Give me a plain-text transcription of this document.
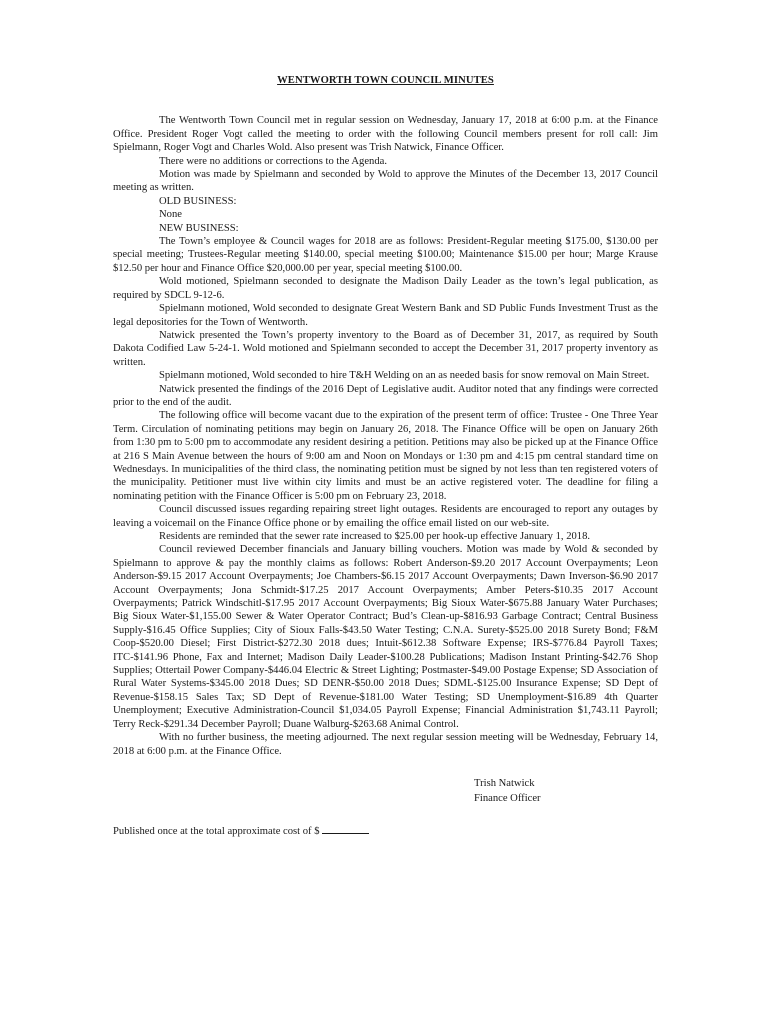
WENTWORTH TOWN COUNCIL MINUTES

The Wentworth Town Council met in regular session on Wednesday, January 17, 2018 at 6:00 p.m. at the Finance Office. President Roger Vogt called the meeting to order with the following Council members present for roll call: Jim Spielmann, Roger Vogt and Charles Wold. Also present was Trish Natwick, Finance Officer.

There were no additions or corrections to the Agenda.

Motion was made by Spielmann and seconded by Wold to approve the Minutes of the December 13, 2017 Council meeting as written.

OLD BUSINESS:

None

NEW BUSINESS:

The Town’s employee & Council wages for 2018 are as follows: President-Regular meeting $175.00, $130.00 per special meeting; Trustees-Regular meeting $140.00, special meeting $100.00; Maintenance $15.00 per hour; Marge Krause $12.50 per hour and Finance Office $20,000.00 per year, special meeting $100.00.

Wold motioned, Spielmann seconded to designate the Madison Daily Leader as the town’s legal publication, as required by SDCL 9-12-6.

Spielmann motioned, Wold seconded to designate Great Western Bank and SD Public Funds Investment Trust as the legal depositories for the Town of Wentworth.

Natwick presented the Town’s property inventory to the Board as of December 31, 2017, as required by South Dakota Codified Law 5-24-1. Wold motioned and Spielmann seconded to accept the December 31, 2017 property inventory as written.

Spielmann motioned, Wold seconded to hire T&H Welding on an as needed basis for snow removal on Main Street.

Natwick presented the findings of the 2016 Dept of Legislative audit. Auditor noted that any findings were corrected prior to the end of the audit.

The following office will become vacant due to the expiration of the present term of office: Trustee - One Three Year Term. Circulation of nominating petitions may begin on January 26, 2018. The Finance Office will be open on January 26th from 1:30 pm to 5:00 pm to accommodate any resident desiring a petition. Petitions may also be picked up at the Finance Office at 216 S Main Avenue between the hours of 9:00 am and Noon on Mondays or 1:30 pm and 4:15 pm central standard time on Wednesdays. In municipalities of the third class, the nominating petition must be signed by not less than ten registered voters of the municipality. Petitioner must live within city limits and must be an active registered voter. The deadline for filing a nominating petition with the Finance Officer is 5:00 pm on February 23, 2018.

Council discussed issues regarding repairing street light outages. Residents are encouraged to report any outages by leaving a voicemail on the Finance Office phone or by emailing the office email listed on our web-site.

Residents are reminded that the sewer rate increased to $25.00 per hook-up effective January 1, 2018.

Council reviewed December financials and January billing vouchers. Motion was made by Wold & seconded by Spielmann to approve & pay the monthly claims as follows: Robert Anderson-$9.20 2017 Account Overpayments; Leon Anderson-$9.15 2017 Account Overpayments; Joe Chambers-$6.15 2017 Account Overpayments; Dawn Inverson-$6.90 2017 Account Overpayments; Jona Schmidt-$17.25 2017 Account Overpayments; Amber Peters-$10.35 2017 Account Overpayments; Patrick Windschitl-$17.95 2017 Account Overpayments; Big Sioux Water-$675.88 January Water Purchases; Big Sioux Water-$1,155.00 Sewer & Water Operator Contract; Bud’s Clean-up-$816.93 Garbage Contract; Central Business Supply-$16.45 Office Supplies; City of Sioux Falls-$43.50 Water Testing; C.N.A. Surety-$525.00 2018 Surety Bond; F&M Coop-$520.00 Diesel; First District-$272.30 2018 dues; Intuit-$612.38 Software Expense; IRS-$776.84 Payroll Taxes; ITC-$141.96 Phone, Fax and Internet; Madison Daily Leader-$100.28 Publications; Madison Instant Printing-$42.76 Shop Supplies; Ottertail Power Company-$446.04 Electric & Street Lighting; Postmaster-$49.00 Postage Expense; SD Association of Rural Water Systems-$345.00 2018 Dues; SD DENR-$50.00 2018 Dues; SDML-$125.00 Insurance Expense; SD Dept of Revenue-$158.15 Sales Tax; SD Dept of Revenue-$181.00 Water Testing; SD Unemployment-$16.89 4th Quarter Unemployment; Executive Administration-Council $1,034.05 Payroll Expense; Financial Administration $1,743.11 Payroll; Terry Reck-$291.34 December Payroll; Duane Walburg-$263.68 Animal Control.

With no further business, the meeting adjourned. The next regular session meeting will be Wednesday, February 14, 2018 at 6:00 p.m. at the Finance Office.

Trish Natwick
Finance Officer
Published once at the total approximate cost of $
